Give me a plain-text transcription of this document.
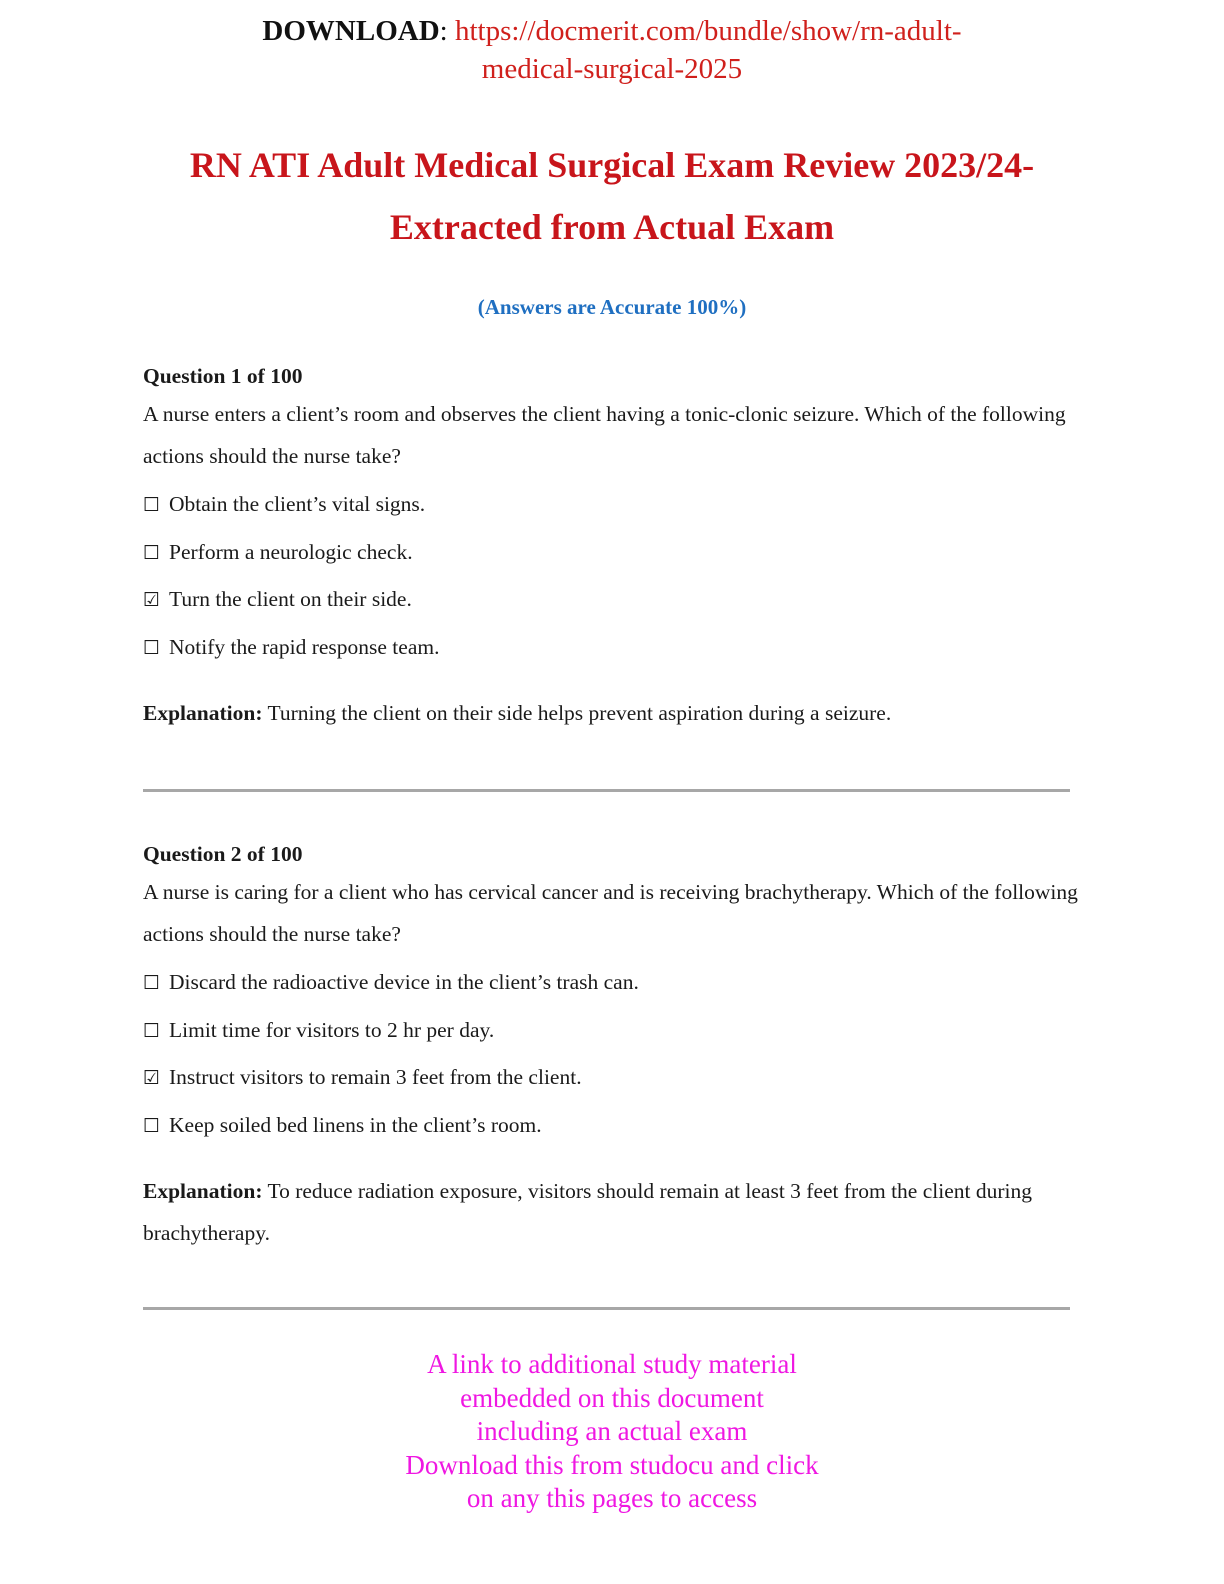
DOWNLOAD: https://docmerit.com/bundle/show/rn-adult-
medical-surgical-2025
RN ATI Adult Medical Surgical Exam Review 2023/24-
Extracted from Actual Exam
(Answers are Accurate 100%)
Question 1 of 100
A nurse enters a client’s room and observes the client having a tonic-clonic seizure. Which of the following actions should the nurse take?
☐ Obtain the client’s vital signs.
☐ Perform a neurologic check.
☑ Turn the client on their side.
☐ Notify the rapid response team.
Explanation: Turning the client on their side helps prevent aspiration during a seizure.
Question 2 of 100
A nurse is caring for a client who has cervical cancer and is receiving brachytherapy. Which of the following actions should the nurse take?
☐ Discard the radioactive device in the client’s trash can.
☐ Limit time for visitors to 2 hr per day.
☑ Instruct visitors to remain 3 feet from the client.
☐ Keep soiled bed linens in the client’s room.
Explanation: To reduce radiation exposure, visitors should remain at least 3 feet from the client during brachytherapy.
A link to additional study material
embedded on this document
including an actual exam
Download this from studocu and click
on any this pages to access
